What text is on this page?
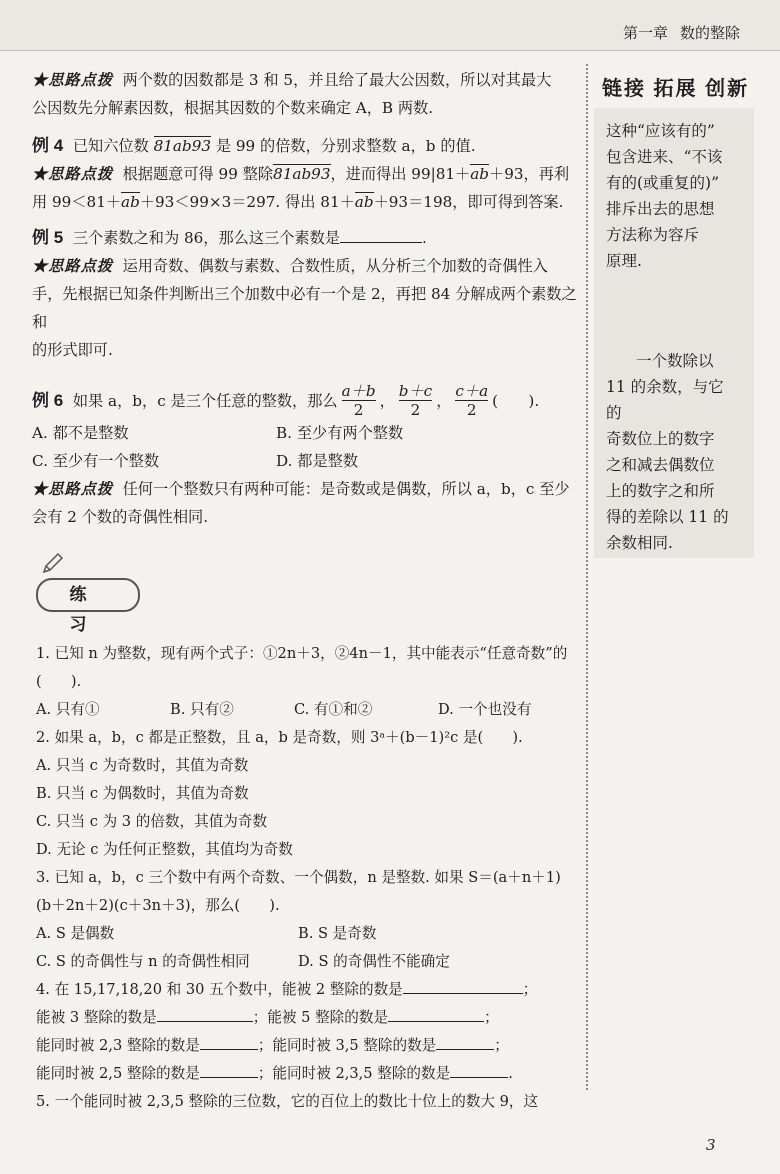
第一章 数的整除

★思路点拨 两个数的因数都是 3 和 5，并且给了最大公因数，所以对其最大

公因数先分解素因数，根据其因数的个数来确定 A，B 两数.

例 4 已知六位数 81ab93 是 99 的倍数，分别求整数 a，b 的值.

★思路点拨 根据题意可得 99 整除81ab93，进而得出 99|81＋ab＋93，再利

用 99＜81＋ab＋93＜99×3＝297. 得出 81＋ab＋93＝198，即可得到答案.

例 5 三个素数之和为 86，那么这三个素数是	.

★思路点拨 运用奇数、偶数与素数、合数性质，从分析三个加数的奇偶性入

手，先根据已知条件判断出三个加数中必有一个是 2，再把 84 分解成两个素数之和

的形式即可.

例 6
如果 a，b，c 是三个任意的整数，那么 $\frac{a+b}{2}$ ， $\frac{b+c}{2}$ ， $\frac{c+a}{2}$ (　　).
A. 都不是整数	B. 至少有两个整数
C. 至少有一个整数	D. 都是整数

★思路点拨 任何一个整数只有两种可能：是奇数或是偶数，所以 a，b，c 至少

会有 2 个数的奇偶性相同.

链接 拓展 创新
这种“应该有的”
包含进来、“不该
有的(或重复的)”
排斥出去的思想
方法称为容斥
原理.
一个数除以
11 的余数，与它的
奇数位上的数字
之和减去偶数位
上的数字之和所
得的差除以 11 的
余数相同.
练　习
1. 已知 n 为整数，现有两个式子：①2n＋3，②4n－1，其中能表示“任意奇数”的
(　　).
A. 只有①	B. 只有②	C. 有①和②	D. 一个也没有
2. 如果 a，b，c 都是正整数，且 a，b 是奇数，则 3ᵃ＋(b－1)²c 是(　　).
A. 只当 c 为奇数时，其值为奇数
B. 只当 c 为偶数时，其值为奇数
C. 只当 c 为 3 的倍数，其值为奇数
D. 无论 c 为任何正整数，其值均为奇数
3. 已知 a，b，c 三个数中有两个奇数、一个偶数，n 是整数. 如果 S＝(a＋n＋1)
(b＋2n＋2)(c＋3n＋3)，那么(　　).
A. S 是偶数	B. S 是奇数
C. S 的奇偶性与 n 的奇偶性相同	D. S 的奇偶性不能确定
4. 在 15,17,18,20 和 30 五个数中，能被 2 整除的数是	；
能被 3 整除的数是	；能被 5 整除的数是	；
能同时被 2,3 整除的数是	；能同时被 3,5 整除的数是	；
能同时被 2,5 整除的数是	；能同时被 2,3,5 整除的数是	.
5. 一个能同时被 2,3,5 整除的三位数，它的百位上的数比十位上的数大 9，这
3
